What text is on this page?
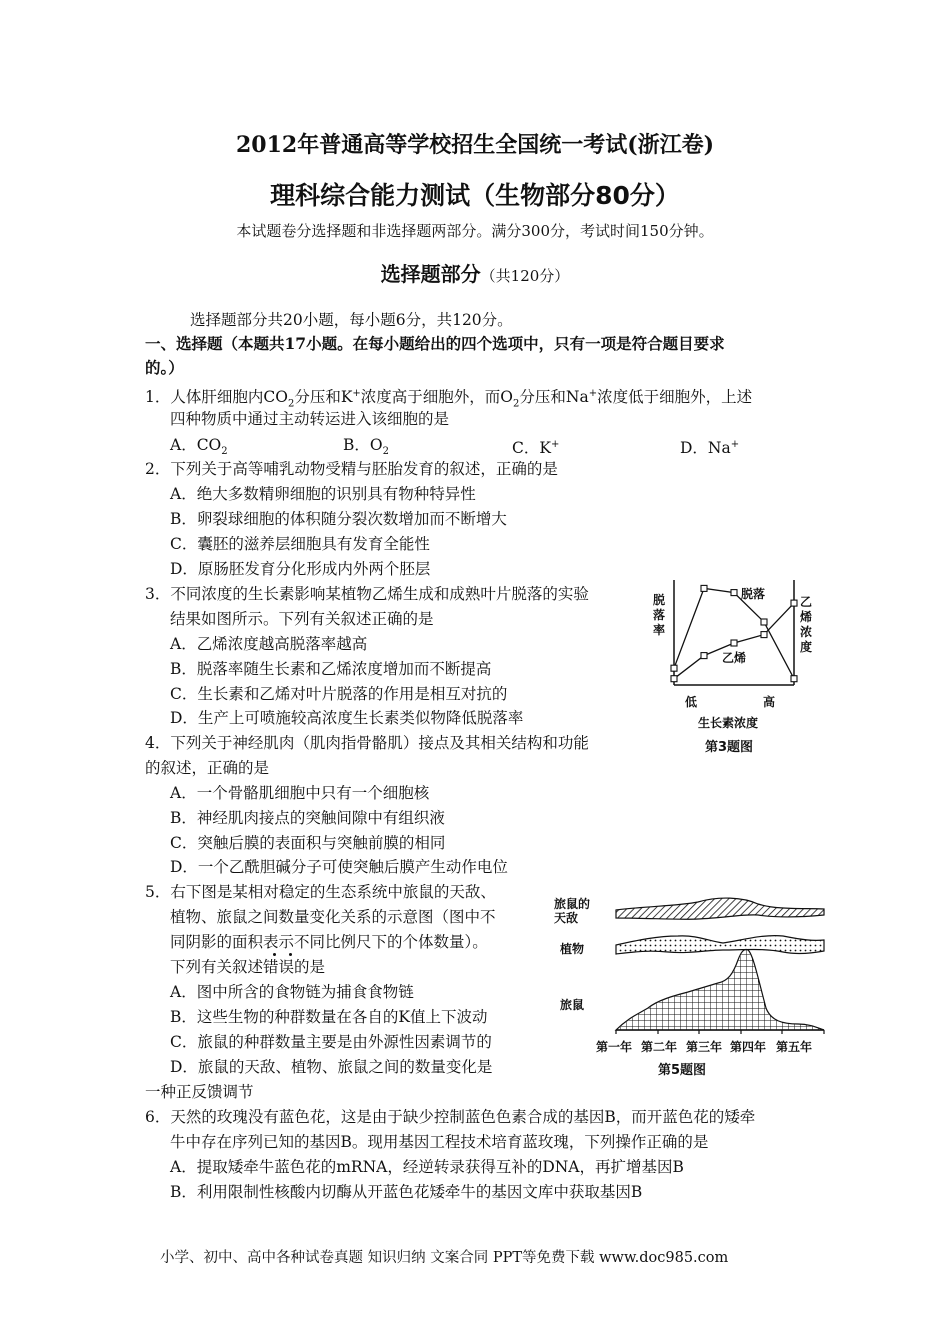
2012年普通高等学校招生全国统一考试(浙江卷)
理科综合能力测试（生物部分80分）
本试题卷分选择题和非选择题两部分。满分300分，考试时间150分钟。
选择题部分（共120分）
选择题部分共20小题，每小题6分，共120分。
一、选择题（本题共17小题。在每小题给出的四个选项中，只有一项是符合题目要求
的。）
1．人体肝细胞内$CO_2$分压和K+浓度高于细胞外，而$O_2$分压和Na+浓度低于细胞外，上述
四种物质中通过主动转运进入该细胞的是
A．$CO_2$	B．$O_2$	C．K+	D．Na+
2．下列关于高等哺乳动物受精与胚胎发育的叙述，正确的是
A．绝大多数精卵细胞的识别具有物种特异性
B．卵裂球细胞的体积随分裂次数增加而不断增大
C．囊胚的滋养层细胞具有发育全能性
D．原肠胚发育分化形成内外两个胚层
3．不同浓度的生长素影响某植物乙烯生成和成熟叶片脱落的实验
结果如图所示。下列有关叙述正确的是
A．乙烯浓度越高脱落率越高
B．脱落率随生长素和乙烯浓度增加而不断提高
C．生长素和乙烯对叶片脱落的作用是相互对抗的
D．生产上可喷施较高浓度生长素类似物降低脱落率
脱
落
率
乙
烯
浓
度
脱落
乙烯
低	高
生长素浓度
第3题图
4．下列关于神经肌肉（肌肉指骨骼肌）接点及其相关结构和功能
的叙述，正确的是
A．一个骨骼肌细胞中只有一个细胞核
B．神经肌肉接点的突触间隙中有组织液
C．突触后膜的表面积与突触前膜的相同
D．一个乙酰胆碱分子可使突触后膜产生动作电位
5．右下图是某相对稳定的生态系统中旅鼠的天敌、
植物、旅鼠之间数量变化关系的示意图（图中不
同阴影的面积表示不同比例尺下的个体数量）。
下列有关叙述错误的是
A．图中所含的食物链为捕食食物链
B．这些生物的种群数量在各自的K值上下波动
C．旅鼠的种群数量主要是由外源性因素调节的
D．旅鼠的天敌、植物、旅鼠之间的数量变化是
一种正反馈调节
旅鼠的
天敌
植物
旅鼠
第一年 第二年 第三年 第四年 第五年
第5题图
6．天然的玫瑰没有蓝色花，这是由于缺少控制蓝色色素合成的基因B，而开蓝色花的矮牵
牛中存在序列已知的基因B。现用基因工程技术培育蓝玫瑰，下列操作正确的是
A．提取矮牵牛蓝色花的mRNA，经逆转录获得互补的DNA，再扩增基因B
B．利用限制性核酸内切酶从开蓝色花矮牵牛的基因文库中获取基因B
小学、初中、高中各种试卷真题 知识归纳 文案合同 PPT等免费下载 www.doc985.com
